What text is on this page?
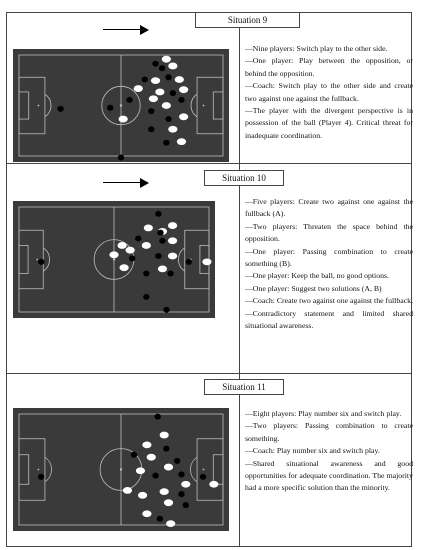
—Nine players: Switch play to the other side.

—One player: Play between the opposition, or behind the opposition.

—Coach: Switch play to the other side and create two against one against the fullback.

—The player with the divergent perspective is in possession of the ball (Player 4). Critical threat for inadequate coordination.

Situation 9

—Five players: Create two against one against the fullback (A).

—Two players: Threaten the space behind the opposition.

—One player: Passing combination to create something (B).

—One player: Keep the ball, no good options.

—One player: Suggest two solutions (A, B)

—Coach: Create two against one against the fullback.

—Contradictory statement and limited shared situational awareness.

Situation 10

—Eight players: Play number six and switch play.

—Two players: Passing combination to create something.

—Coach: Play number six and switch play.

—Shared situational awareness and good opportunities for adequate coordination. The majority had a more specific solution than the minority.

Situation 11
